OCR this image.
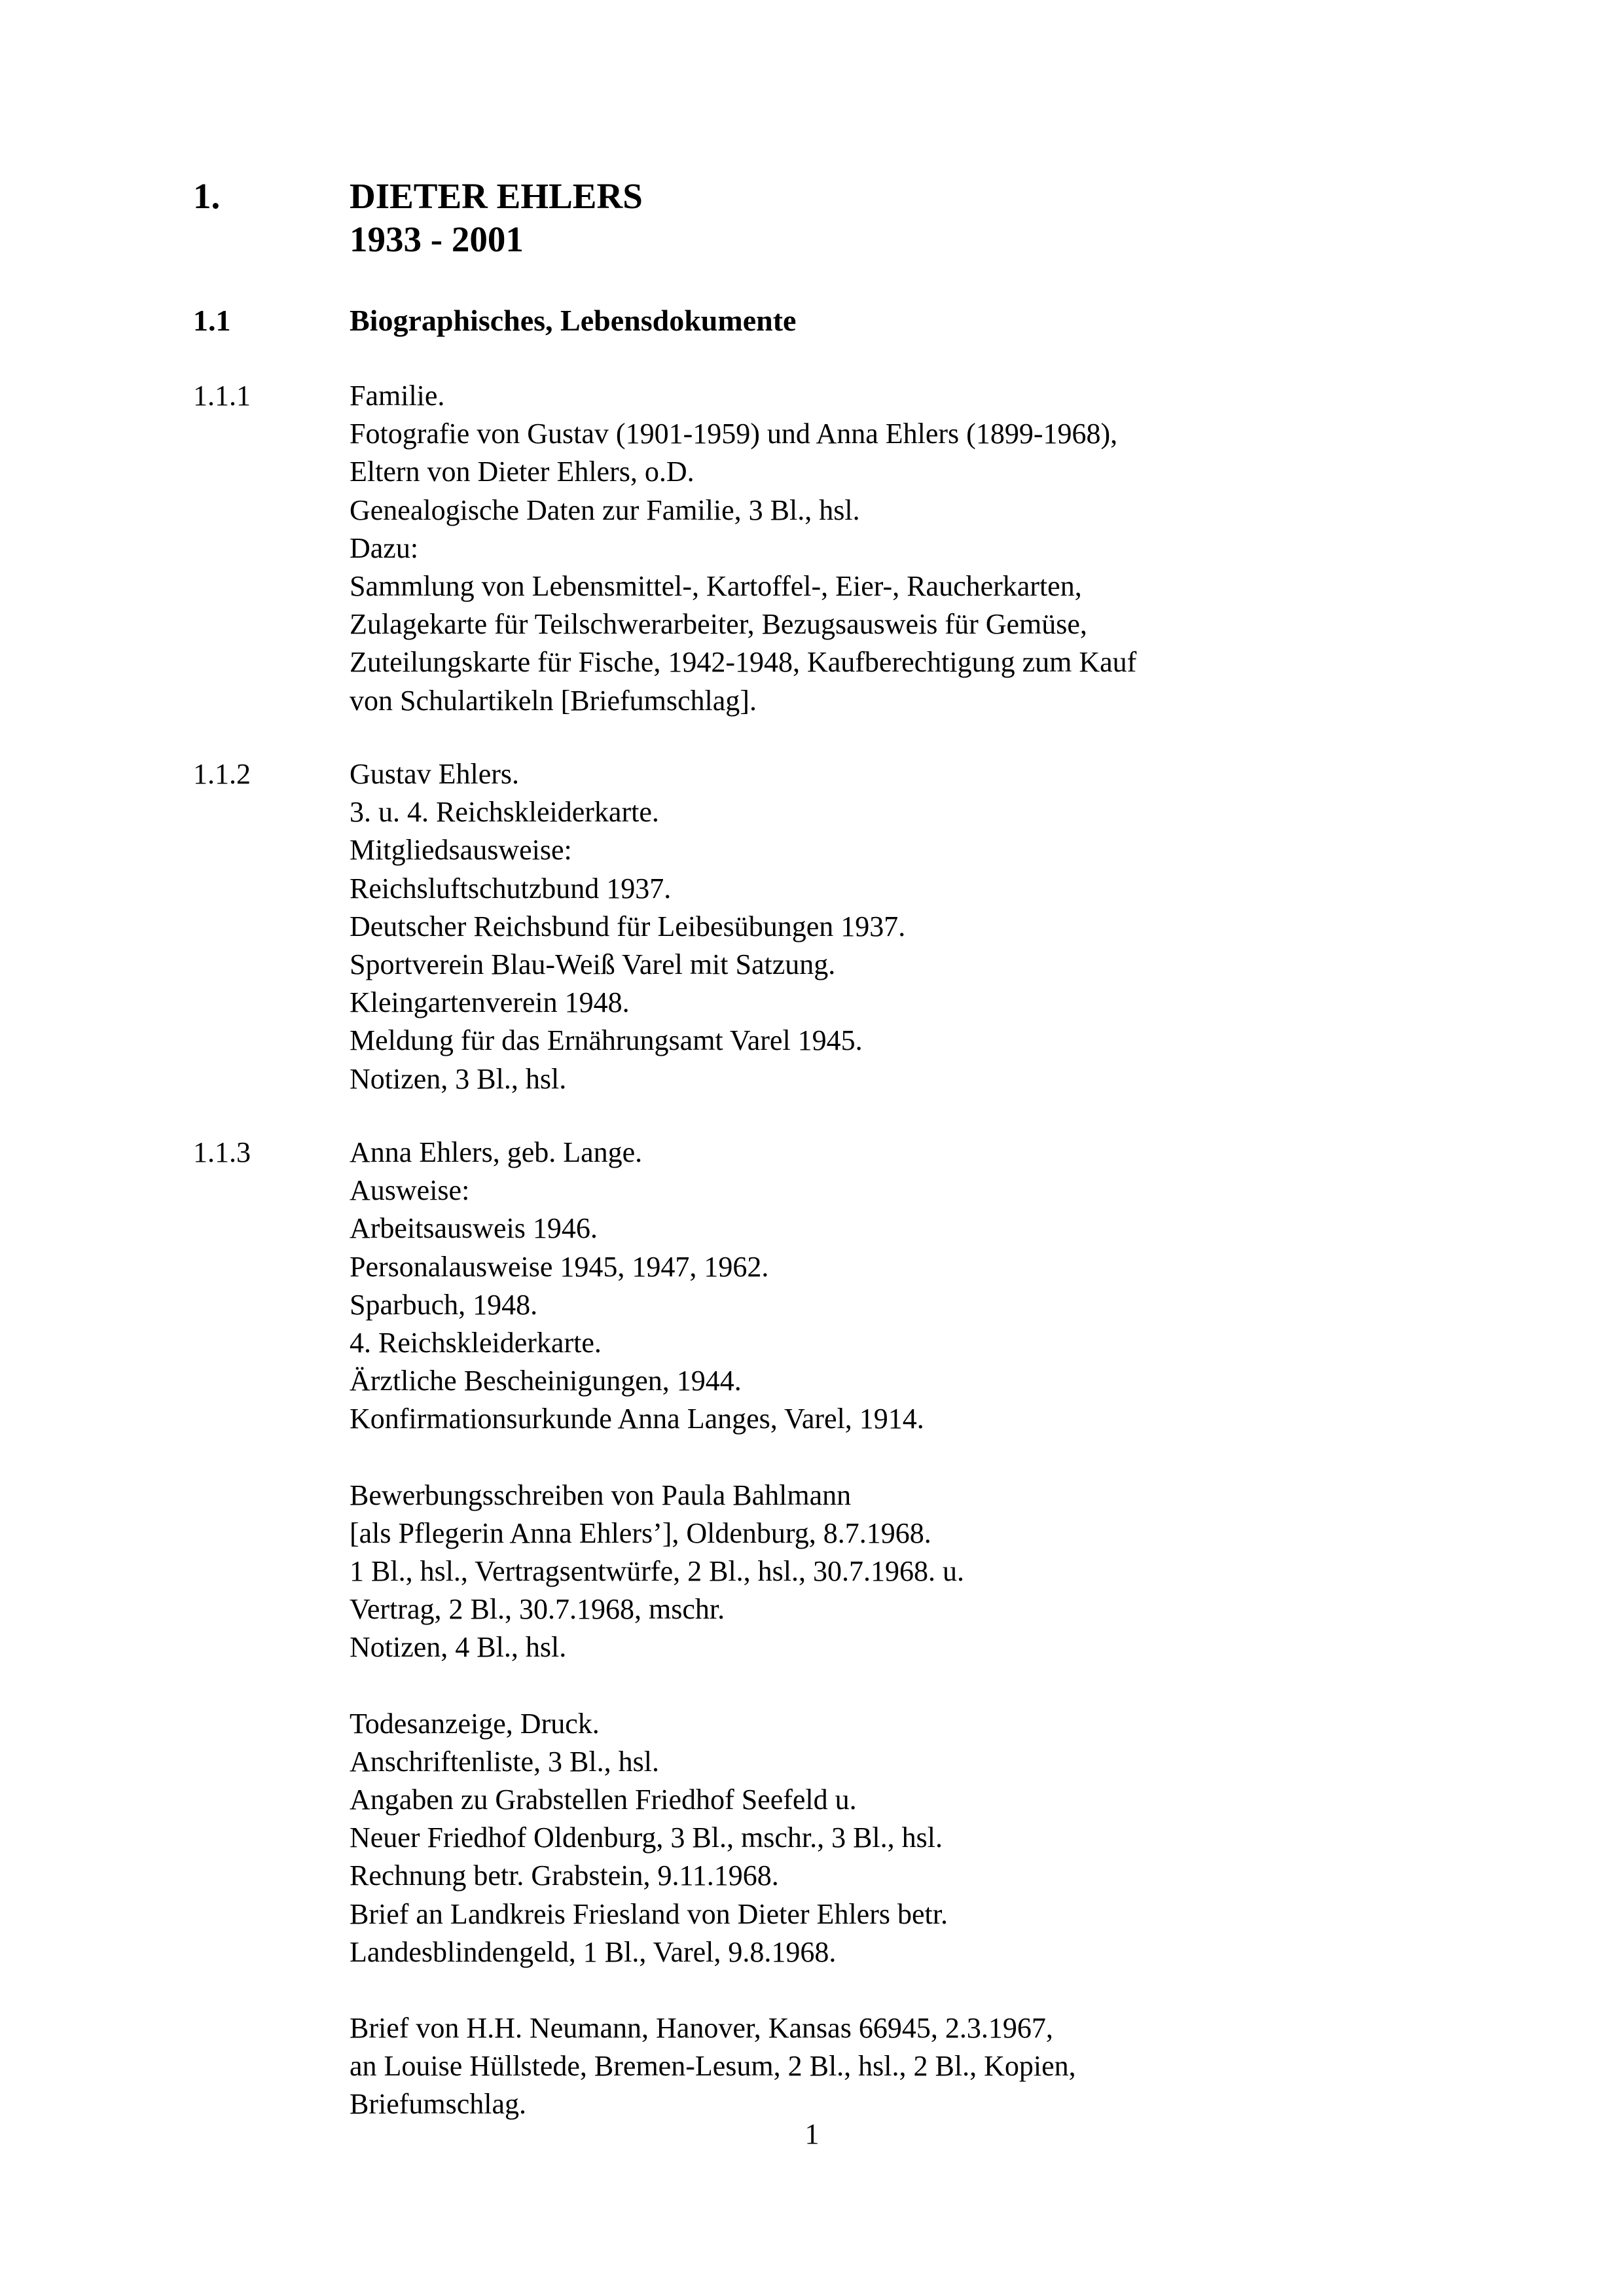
1.	DIETER EHLERS
1933 - 2001
1.1	Biographisches, Lebensdokumente
1.1.1	Familie.
Fotografie von Gustav (1901-1959) und Anna Ehlers (1899-1968),
Eltern von Dieter Ehlers, o.D.
Genealogische Daten zur Familie, 3 Bl., hsl.
Dazu:
Sammlung von Lebensmittel-, Kartoffel-, Eier-, Raucherkarten,
Zulagekarte für Teilschwerarbeiter, Bezugsausweis für Gemüse,
Zuteilungskarte für Fische, 1942-1948, Kaufberechtigung zum Kauf
von Schulartikeln [Briefumschlag].
1.1.2	Gustav Ehlers.
3. u. 4. Reichskleiderkarte.
Mitgliedsausweise:
Reichsluftschutzbund 1937.
Deutscher Reichsbund für Leibesübungen 1937.
Sportverein Blau-Weiß Varel mit Satzung.
Kleingartenverein 1948.
Meldung für das Ernährungsamt Varel 1945.
Notizen, 3 Bl., hsl.
1.1.3	Anna Ehlers, geb. Lange.
Ausweise:
Arbeitsausweis 1946.
Personalausweise 1945, 1947, 1962.
Sparbuch, 1948.
4. Reichskleiderkarte.
Ärztliche Bescheinigungen, 1944.
Konfirmationsurkunde Anna Langes, Varel, 1914.
Bewerbungsschreiben von Paula Bahlmann
[als Pflegerin Anna Ehlers’], Oldenburg, 8.7.1968.
1 Bl., hsl., Vertragsentwürfe, 2 Bl., hsl., 30.7.1968. u.
Vertrag, 2 Bl., 30.7.1968, mschr.
Notizen, 4 Bl., hsl.
Todesanzeige, Druck.
Anschriftenliste, 3 Bl., hsl.
Angaben zu Grabstellen Friedhof Seefeld u.
Neuer Friedhof Oldenburg, 3 Bl., mschr., 3 Bl., hsl.
Rechnung betr. Grabstein, 9.11.1968.
Brief an Landkreis Friesland von Dieter Ehlers betr.
Landesblindengeld, 1 Bl., Varel, 9.8.1968.
Brief von H.H. Neumann, Hanover, Kansas 66945, 2.3.1967,
an Louise Hüllstede, Bremen-Lesum, 2 Bl., hsl., 2 Bl., Kopien,
Briefumschlag.
1
